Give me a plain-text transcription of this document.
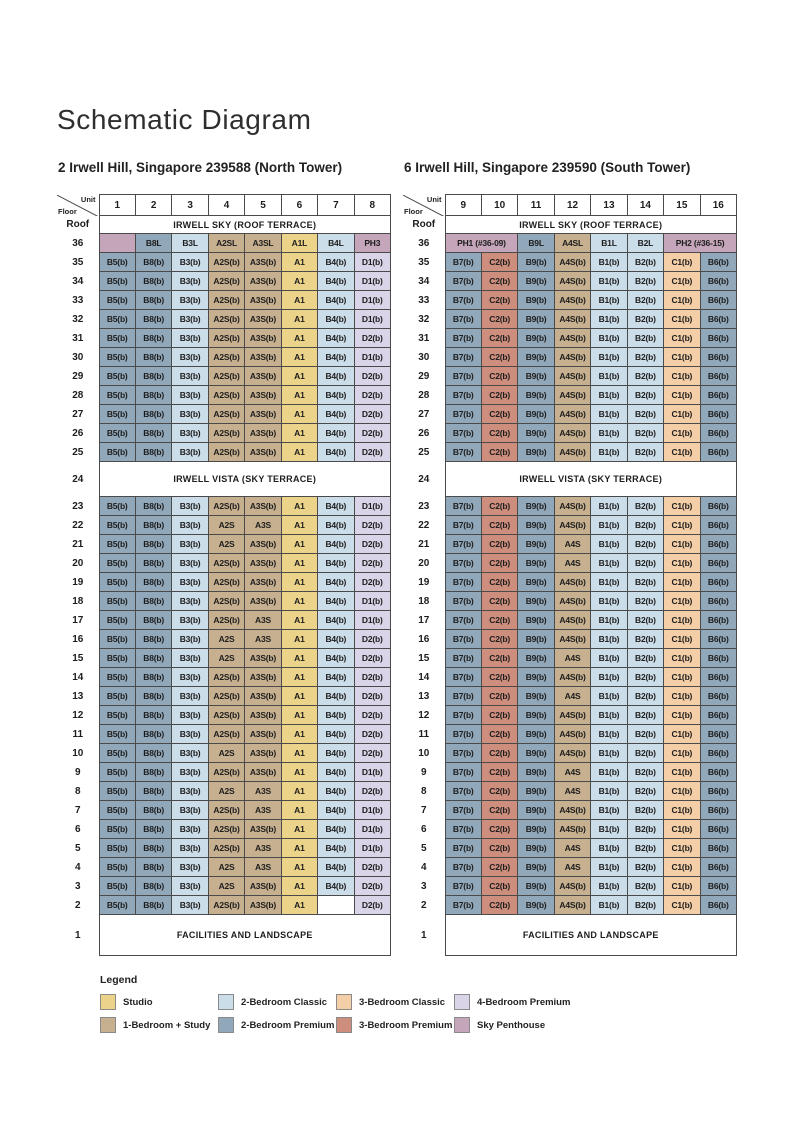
Schematic Diagram
2 Irwell Hill, Singapore 239588 (North Tower)
Unit
Floor	1	2	3	4	5	6	7	8
Roof	IRWELL SKY (ROOF TERRACE)							
36		B8L	B3L	A2SL	A3SL	A1L	B4L	PH3
35	B5(b)	B8(b)	B3(b)	A2S(b)	A3S(b)	A1	B4(b)	D1(b)
34	B5(b)	B8(b)	B3(b)	A2S(b)	A3S(b)	A1	B4(b)	D1(b)
33	B5(b)	B8(b)	B3(b)	A2S(b)	A3S(b)	A1	B4(b)	D1(b)
32	B5(b)	B8(b)	B3(b)	A2S(b)	A3S(b)	A1	B4(b)	D1(b)
31	B5(b)	B8(b)	B3(b)	A2S(b)	A3S(b)	A1	B4(b)	D2(b)
30	B5(b)	B8(b)	B3(b)	A2S(b)	A3S(b)	A1	B4(b)	D1(b)
29	B5(b)	B8(b)	B3(b)	A2S(b)	A3S(b)	A1	B4(b)	D2(b)
28	B5(b)	B8(b)	B3(b)	A2S(b)	A3S(b)	A1	B4(b)	D2(b)
27	B5(b)	B8(b)	B3(b)	A2S(b)	A3S(b)	A1	B4(b)	D2(b)
26	B5(b)	B8(b)	B3(b)	A2S(b)	A3S(b)	A1	B4(b)	D2(b)
25	B5(b)	B8(b)	B3(b)	A2S(b)	A3S(b)	A1	B4(b)	D2(b)
24	IRWELL VISTA (SKY TERRACE)							
23	B5(b)	B8(b)	B3(b)	A2S(b)	A3S(b)	A1	B4(b)	D1(b)
22	B5(b)	B8(b)	B3(b)	A2S	A3S	A1	B4(b)	D2(b)
21	B5(b)	B8(b)	B3(b)	A2S	A3S(b)	A1	B4(b)	D2(b)
20	B5(b)	B8(b)	B3(b)	A2S(b)	A3S(b)	A1	B4(b)	D2(b)
19	B5(b)	B8(b)	B3(b)	A2S(b)	A3S(b)	A1	B4(b)	D2(b)
18	B5(b)	B8(b)	B3(b)	A2S(b)	A3S(b)	A1	B4(b)	D1(b)
17	B5(b)	B8(b)	B3(b)	A2S(b)	A3S	A1	B4(b)	D1(b)
16	B5(b)	B8(b)	B3(b)	A2S	A3S	A1	B4(b)	D2(b)
15	B5(b)	B8(b)	B3(b)	A2S	A3S(b)	A1	B4(b)	D2(b)
14	B5(b)	B8(b)	B3(b)	A2S(b)	A3S(b)	A1	B4(b)	D2(b)
13	B5(b)	B8(b)	B3(b)	A2S(b)	A3S(b)	A1	B4(b)	D2(b)
12	B5(b)	B8(b)	B3(b)	A2S(b)	A3S(b)	A1	B4(b)	D2(b)
11	B5(b)	B8(b)	B3(b)	A2S(b)	A3S(b)	A1	B4(b)	D2(b)
10	B5(b)	B8(b)	B3(b)	A2S	A3S(b)	A1	B4(b)	D2(b)
9	B5(b)	B8(b)	B3(b)	A2S(b)	A3S(b)	A1	B4(b)	D1(b)
8	B5(b)	B8(b)	B3(b)	A2S	A3S	A1	B4(b)	D2(b)
7	B5(b)	B8(b)	B3(b)	A2S(b)	A3S	A1	B4(b)	D1(b)
6	B5(b)	B8(b)	B3(b)	A2S(b)	A3S(b)	A1	B4(b)	D1(b)
5	B5(b)	B8(b)	B3(b)	A2S(b)	A3S	A1	B4(b)	D1(b)
4	B5(b)	B8(b)	B3(b)	A2S	A3S	A1	B4(b)	D2(b)
3	B5(b)	B8(b)	B3(b)	A2S	A3S(b)	A1	B4(b)	D2(b)
2	B5(b)	B8(b)	B3(b)	A2S(b)	A3S(b)	A1		D2(b)
1	FACILITIES AND LANDSCAPE							
6 Irwell Hill, Singapore 239590 (South Tower)
Unit
Floor	9	10	11	12	13	14	15	16
Roof	IRWELL SKY (ROOF TERRACE)							
36	PH1 (#36-09)		B9L	A4SL	B1L	B2L	PH2 (#36-15)	
35	B7(b)	C2(b)	B9(b)	A4S(b)	B1(b)	B2(b)	C1(b)	B6(b)
34	B7(b)	C2(b)	B9(b)	A4S(b)	B1(b)	B2(b)	C1(b)	B6(b)
33	B7(b)	C2(b)	B9(b)	A4S(b)	B1(b)	B2(b)	C1(b)	B6(b)
32	B7(b)	C2(b)	B9(b)	A4S(b)	B1(b)	B2(b)	C1(b)	B6(b)
31	B7(b)	C2(b)	B9(b)	A4S(b)	B1(b)	B2(b)	C1(b)	B6(b)
30	B7(b)	C2(b)	B9(b)	A4S(b)	B1(b)	B2(b)	C1(b)	B6(b)
29	B7(b)	C2(b)	B9(b)	A4S(b)	B1(b)	B2(b)	C1(b)	B6(b)
28	B7(b)	C2(b)	B9(b)	A4S(b)	B1(b)	B2(b)	C1(b)	B6(b)
27	B7(b)	C2(b)	B9(b)	A4S(b)	B1(b)	B2(b)	C1(b)	B6(b)
26	B7(b)	C2(b)	B9(b)	A4S(b)	B1(b)	B2(b)	C1(b)	B6(b)
25	B7(b)	C2(b)	B9(b)	A4S(b)	B1(b)	B2(b)	C1(b)	B6(b)
24	IRWELL VISTA (SKY TERRACE)							
23	B7(b)	C2(b)	B9(b)	A4S(b)	B1(b)	B2(b)	C1(b)	B6(b)
22	B7(b)	C2(b)	B9(b)	A4S(b)	B1(b)	B2(b)	C1(b)	B6(b)
21	B7(b)	C2(b)	B9(b)	A4S	B1(b)	B2(b)	C1(b)	B6(b)
20	B7(b)	C2(b)	B9(b)	A4S	B1(b)	B2(b)	C1(b)	B6(b)
19	B7(b)	C2(b)	B9(b)	A4S(b)	B1(b)	B2(b)	C1(b)	B6(b)
18	B7(b)	C2(b)	B9(b)	A4S(b)	B1(b)	B2(b)	C1(b)	B6(b)
17	B7(b)	C2(b)	B9(b)	A4S(b)	B1(b)	B2(b)	C1(b)	B6(b)
16	B7(b)	C2(b)	B9(b)	A4S(b)	B1(b)	B2(b)	C1(b)	B6(b)
15	B7(b)	C2(b)	B9(b)	A4S	B1(b)	B2(b)	C1(b)	B6(b)
14	B7(b)	C2(b)	B9(b)	A4S(b)	B1(b)	B2(b)	C1(b)	B6(b)
13	B7(b)	C2(b)	B9(b)	A4S	B1(b)	B2(b)	C1(b)	B6(b)
12	B7(b)	C2(b)	B9(b)	A4S(b)	B1(b)	B2(b)	C1(b)	B6(b)
11	B7(b)	C2(b)	B9(b)	A4S(b)	B1(b)	B2(b)	C1(b)	B6(b)
10	B7(b)	C2(b)	B9(b)	A4S(b)	B1(b)	B2(b)	C1(b)	B6(b)
9	B7(b)	C2(b)	B9(b)	A4S	B1(b)	B2(b)	C1(b)	B6(b)
8	B7(b)	C2(b)	B9(b)	A4S	B1(b)	B2(b)	C1(b)	B6(b)
7	B7(b)	C2(b)	B9(b)	A4S(b)	B1(b)	B2(b)	C1(b)	B6(b)
6	B7(b)	C2(b)	B9(b)	A4S(b)	B1(b)	B2(b)	C1(b)	B6(b)
5	B7(b)	C2(b)	B9(b)	A4S	B1(b)	B2(b)	C1(b)	B6(b)
4	B7(b)	C2(b)	B9(b)	A4S	B1(b)	B2(b)	C1(b)	B6(b)
3	B7(b)	C2(b)	B9(b)	A4S(b)	B1(b)	B2(b)	C1(b)	B6(b)
2	B7(b)	C2(b)	B9(b)	A4S(b)	B1(b)	B2(b)	C1(b)	B6(b)
1	FACILITIES AND LANDSCAPE							
Legend
Studio	2-Bedroom Classic	3-Bedroom Classic	4-Bedroom Premium
1-Bedroom + Study	2-Bedroom Premium	3-Bedroom Premium	Sky Penthouse
